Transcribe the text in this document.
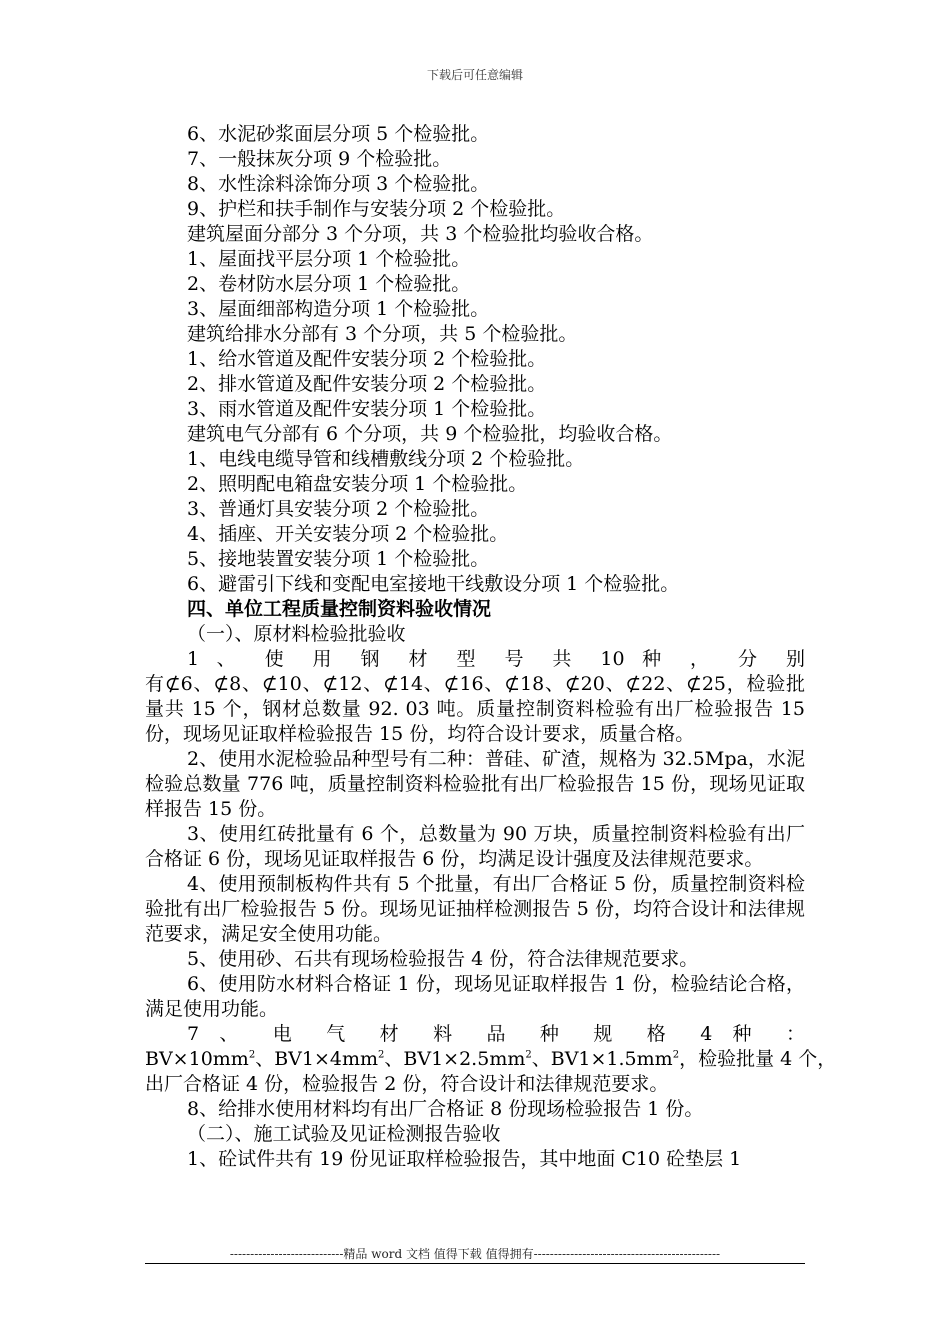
下载后可任意编辑
6、水泥砂浆面层分项 5 个检验批。
7、一般抹灰分项 9 个检验批。
8、水性涂料涂饰分项 3 个检验批。
9、护栏和扶手制作与安装分项 2 个检验批。
建筑屋面分部分 3 个分项，共 3 个检验批均验收合格。
1、屋面找平层分项 1 个检验批。
2、卷材防水层分项 1 个检验批。
3、屋面细部构造分项 1 个检验批。
建筑给排水分部有 3 个分项，共 5 个检验批。
1、给水管道及配件安装分项 2 个检验批。
2、排水管道及配件安装分项 2 个检验批。
3、雨水管道及配件安装分项 1 个检验批。
建筑电气分部有 6 个分项，共 9 个检验批，均验收合格。
1、电线电缆导管和线槽敷线分项 2 个检验批。
2、照明配电箱盘安装分项 1 个检验批。
3、普通灯具安装分项 2 个检验批。
4、插座、开关安装分项 2 个检验批。
5、接地装置安装分项 1 个检验批。
6、避雷引下线和变配电室接地干线敷设分项 1 个检验批。
四、单位工程质量控制资料验收情况
（一）、原材料检验批验收
1 、 使 用 钢 材 型 号 共 10 种 ， 分 别
有⊄6、⊄8、⊄10、⊄12、⊄14、⊄16、⊄18、⊄20、⊄22、⊄25，检验批量共 15 个，钢材总数量 92. 03 吨。质量控制资料检验有出厂检验报告 15 份，现场见证取样检验报告 15 份，均符合设计要求，质量合格。
2、使用水泥检验品种型号有二种：普硅、矿渣，规格为 32.5Mpa，水泥检验总数量 776 吨，质量控制资料检验批有出厂检验报告 15 份，现场见证取样报告 15 份。
3、使用红砖批量有 6 个，总数量为 90 万块，质量控制资料检验有出厂合格证 6 份，现场见证取样报告 6 份，均满足设计强度及法律规范要求。
4、使用预制板构件共有 5 个批量，有出厂合格证 5 份，质量控制资料检验批有出厂检验报告 5 份。现场见证抽样检测报告 5 份，均符合设计和法律规范要求，满足安全使用功能。
5、使用砂、石共有现场检验报告 4 份，符合法律规范要求。
6、使用防水材料合格证 1 份，现场见证取样报告 1 份，检验结论合格，满足使用功能。
7 、 电 气 材 料 品 种 规 格 4 种 ：
$BV\times 10mm^2$、$BV1\times 4mm^2$、$BV1\times 2.5mm^2$、$BV1\times 1.5mm^2$，检验批量 4 个，
出厂合格证 4 份，检验报告 2 份，符合设计和法律规范要求。
8、给排水使用材料均有出厂合格证 8 份现场检验报告 1 份。
（二）、施工试验及见证检测报告验收
1、砼试件共有 19 份见证取样检验报告，其中地面 C10 砼垫层 1
----------------------------精品 word 文档 值得下载 值得拥有----------------------------------------------
